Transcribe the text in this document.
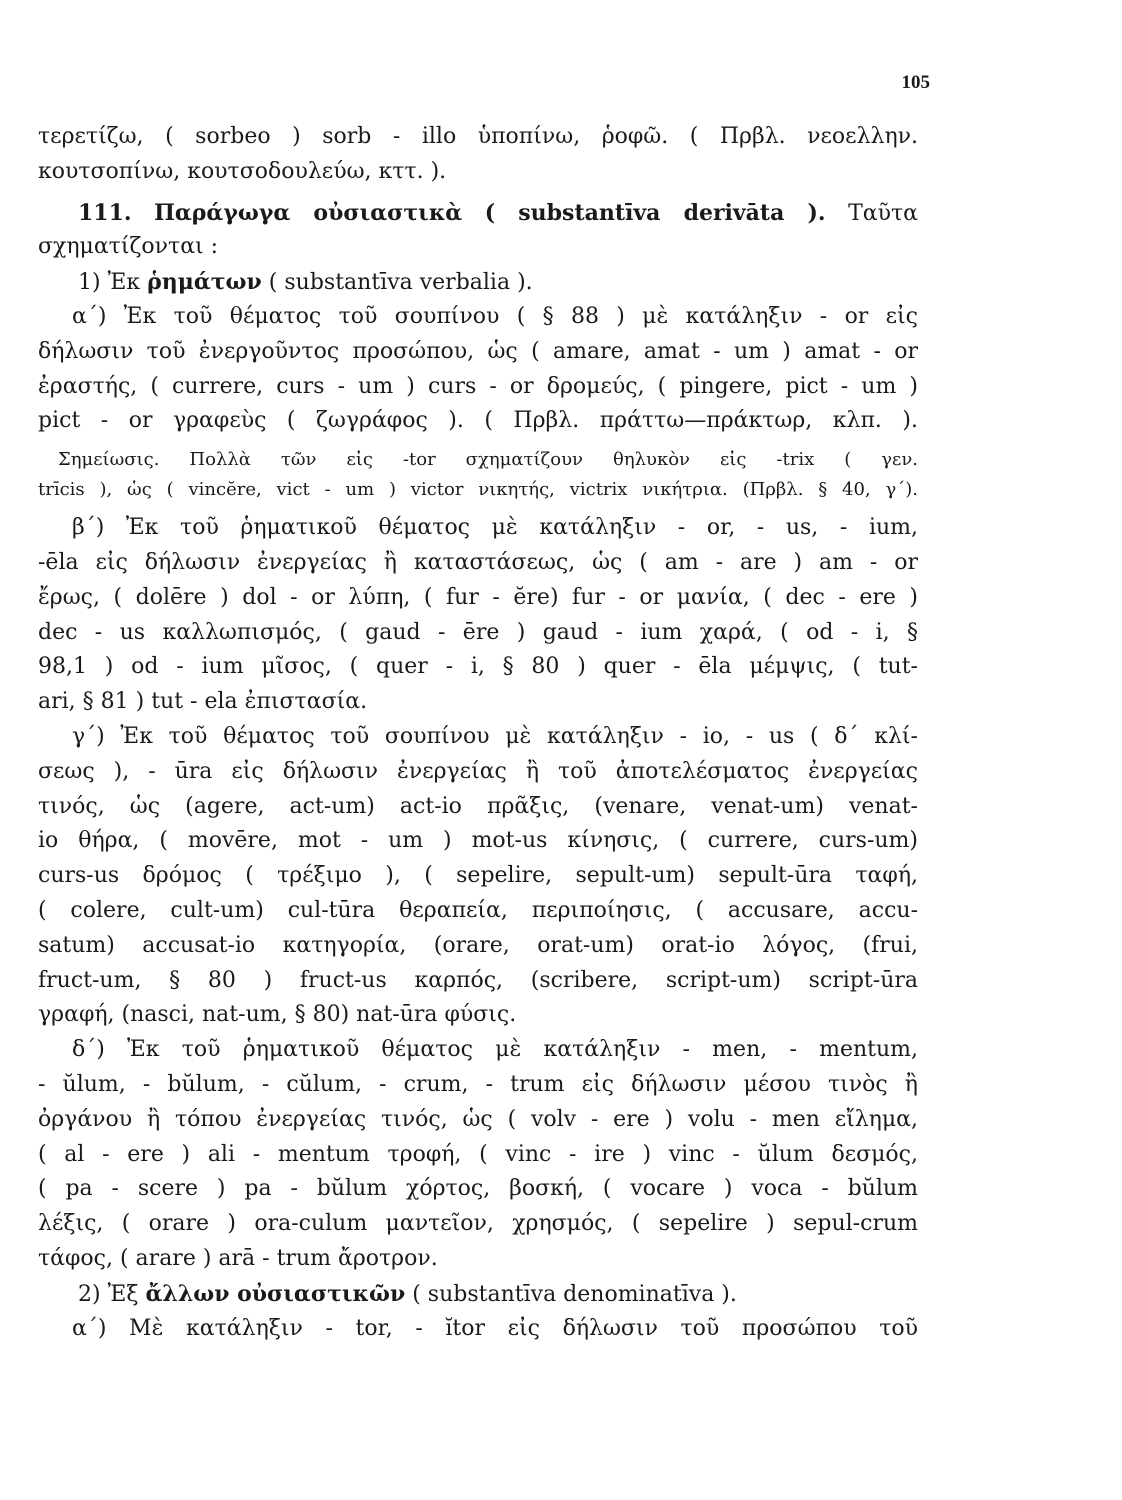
105
τερετίζω, ( sorbeo ) sorb - illo ὑποπίνω, ῥοφῶ. ( Πρβλ. νεοελλην.
κουτσοπίνω, κουτσοδουλεύω, κττ. ).
111. Παράγωγα οὐσιαστικὰ ( substantīva derivāta ). Ταῦτα
σχηματίζονται :
1) Ἐκ ῥημάτων ( substantīva verbalia ).
α΄) Ἐκ τοῦ θέματος τοῦ σουπίνου ( § 88 ) μὲ κατάληξιν - or εἰς
δήλωσιν τοῦ ἐνεργοῦντος προσώπου, ὡς ( amare, amat - um ) amat - or
ἐραστής, ( currere, curs - um ) curs - or δρομεύς, ( pingere, pict - um )
pict - or γραφεὺς ( ζωγράφος ). ( Πρβλ. πράττω—πράκτωρ, κλπ. ).
Σημείωσις. Πολλὰ τῶν εἰς -tor σχηματίζουν θηλυκὸν εἰς -trix ( γεν.
trīcis ), ὡς ( vincĕre, vict - um ) victor νικητής, victrix νικήτρια. (Πρβλ. § 40, γ΄).
β΄) Ἐκ τοῦ ῥηματικοῦ θέματος μὲ κατάληξιν - or, - us, - ium,
-ēla εἰς δήλωσιν ἐνεργείας ἢ καταστάσεως, ὡς ( am - are ) am - or
ἔρως, ( dolēre ) dol - or λύπη, ( fur - ĕre) fur - or μανία, ( dec - ere )
dec - us καλλωπισμός, ( gaud - ēre ) gaud - ium χαρά, ( od - i, §
98,1 ) od - ium μῖσος, ( quer - i, § 80 ) quer - ēla μέμψις, ( tut-
ari, § 81 ) tut - ela ἐπιστασία.
γ΄) Ἐκ τοῦ θέματος τοῦ σουπίνου μὲ κατάληξιν - io, - us ( δ΄ κλί-
σεως ), - ūra εἰς δήλωσιν ἐνεργείας ἢ τοῦ ἀποτελέσματος ἐνεργείας
τινός, ὡς (agere, act-um) act-io πρᾶξις, (venare, venat-um) venat-
io θήρα, ( movēre, mot - um ) mot-us κίνησις, ( currere, curs-um)
curs-us δρόμος ( τρέξιμο ), ( sepelire, sepult-um) sepult-ūra ταφή,
( colere, cult-um) cul-tūra θεραπεία, περιποίησις, ( accusare, accu-
satum) accusat-io κατηγορία, (orare, orat-um) orat-io λόγος, (frui,
fruct-um, § 80 ) fruct-us καρπός, (scribere, script-um) script-ūra
γραφή, (nasci, nat-um, § 80) nat-ūra φύσις.
δ΄) Ἐκ τοῦ ῥηματικοῦ θέματος μὲ κατάληξιν - men, - mentum,
- ŭlum, - bŭlum, - cŭlum, - crum, - trum εἰς δήλωσιν μέσου τινὸς ἢ
ὀργάνου ἢ τόπου ἐνεργείας τινός, ὡς ( volv - ere ) volu - men εἴλημα,
( al - ere ) ali - mentum τροφή, ( vinc - ire ) vinc - ŭlum δεσμός,
( pa - scere ) pa - bŭlum χόρτος, βοσκή, ( vocare ) voca - bŭlum
λέξις, ( orare ) ora-culum μαντεῖον, χρησμός, ( sepelire ) sepul-crum
τάφος, ( arare ) arā - trum ἄροτρον.
2) Ἐξ ἄλλων οὐσιαστικῶν ( substantīva denominatīva ).
α΄) Μὲ κατάληξιν - tor, - ĭtor εἰς δήλωσιν τοῦ προσώπου τοῦ
